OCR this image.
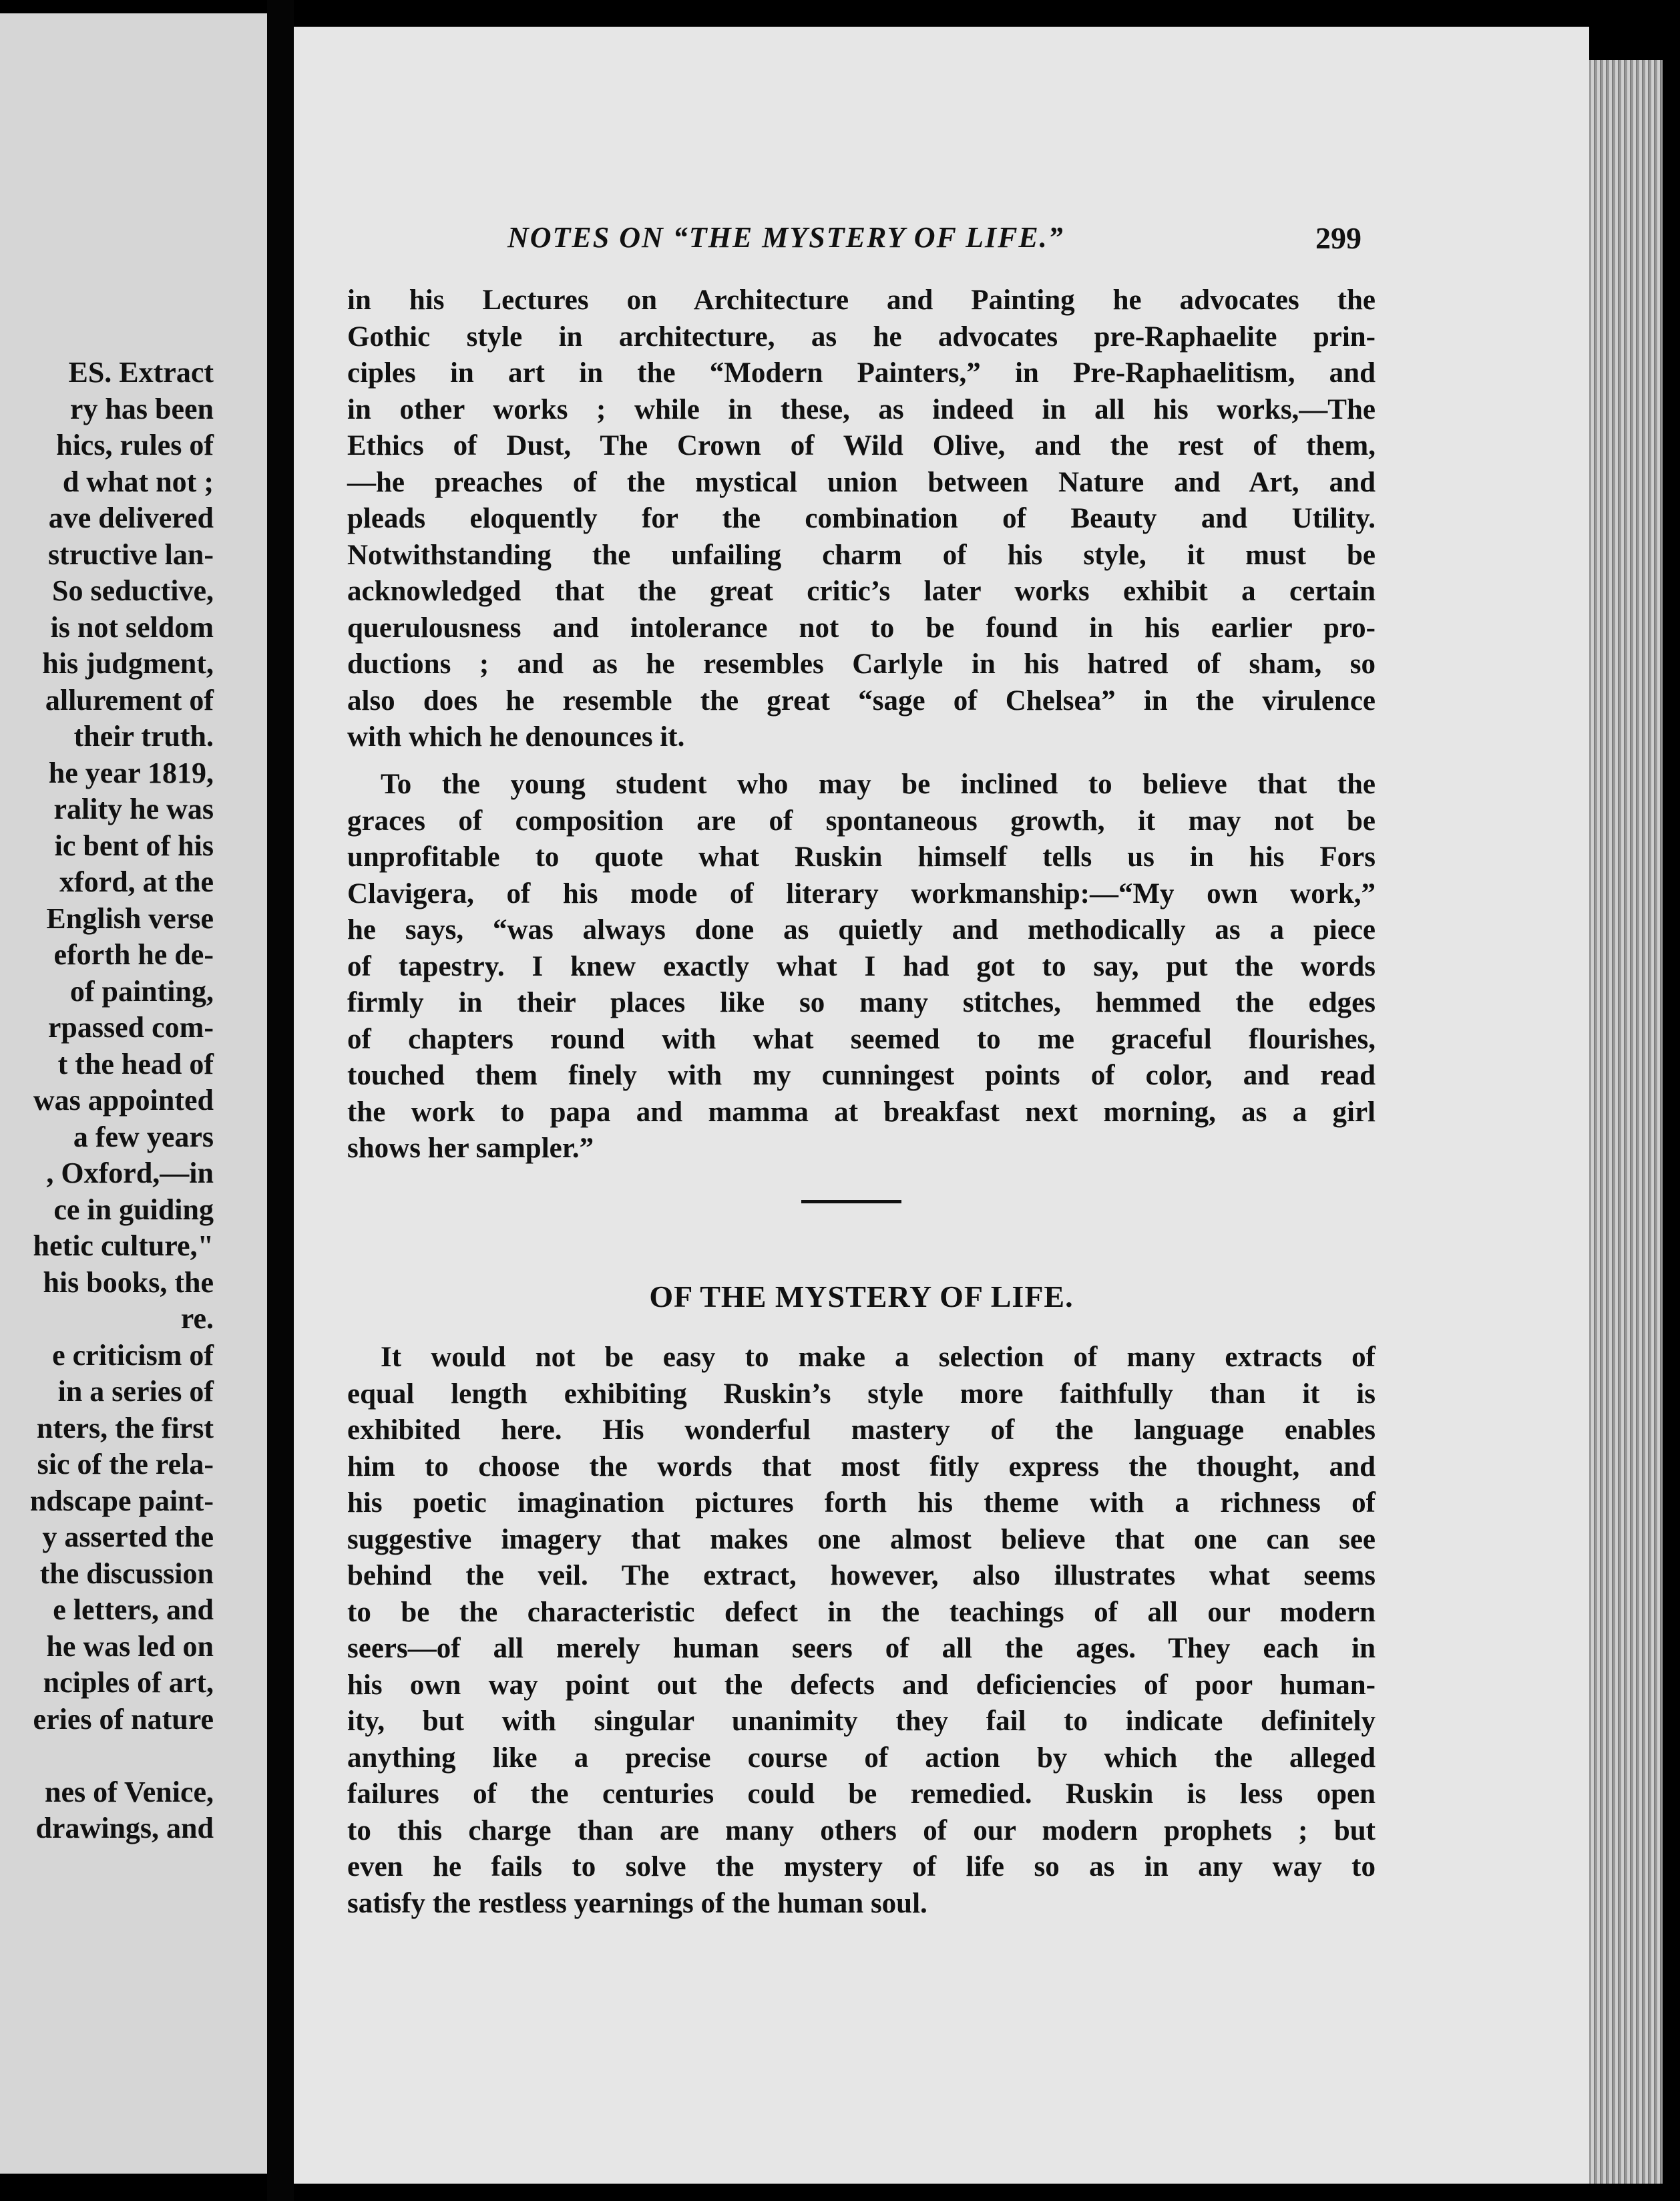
ES. Extract
ry has been
hics, rules of
d what not ;
ave delivered
structive lan-
So seductive,
is not seldom
his judgment,
allurement of
their truth.
he year 1819,
rality he was
ic bent of his
xford, at the
English verse
eforth he de-
of painting,
rpassed com-
t the head of
was appointed
a few years
, Oxford,—in
ce in guiding
hetic culture,"
his books, the
re.
e criticism of
in a series of
nters, the first
sic of the rela-
ndscape paint-
y asserted the
the discussion
e letters, and
he was led on
nciples of art,
eries of nature
nes of Venice,
drawings, and
NOTES ON “THE MYSTERY OF LIFE.”	299
in his Lectures on Architecture and Painting he advocates the
Gothic style in architecture, as he advocates pre-Raphaelite prin-
ciples in art in the “Modern Painters,” in Pre-Raphaelitism, and
in other works ; while in these, as indeed in all his works,—The
Ethics of Dust, The Crown of Wild Olive, and the rest of them,
—he preaches of the mystical union between Nature and Art, and
pleads eloquently for the combination of Beauty and Utility.
Notwithstanding the unfailing charm of his style, it must be
acknowledged that the great critic’s later works exhibit a certain
querulousness and intolerance not to be found in his earlier pro-
ductions ; and as he resembles Carlyle in his hatred of sham, so
also does he resemble the great “sage of Chelsea” in the virulence
with which he denounces it.
To the young student who may be inclined to believe that the
graces of composition are of spontaneous growth, it may not be
unprofitable to quote what Ruskin himself tells us in his Fors
Clavigera, of his mode of literary workmanship:—“My own work,”
he says, “was always done as quietly and methodically as a piece
of tapestry. I knew exactly what I had got to say, put the words
firmly in their places like so many stitches, hemmed the edges
of chapters round with what seemed to me graceful flourishes,
touched them finely with my cunningest points of color, and read
the work to papa and mamma at breakfast next morning, as a girl
shows her sampler.”
OF THE MYSTERY OF LIFE.
It would not be easy to make a selection of many extracts of
equal length exhibiting Ruskin’s style more faithfully than it is
exhibited here. His wonderful mastery of the language enables
him to choose the words that most fitly express the thought, and
his poetic imagination pictures forth his theme with a richness of
suggestive imagery that makes one almost believe that one can see
behind the veil. The extract, however, also illustrates what seems
to be the characteristic defect in the teachings of all our modern
seers—of all merely human seers of all the ages. They each in
his own way point out the defects and deficiencies of poor human-
ity, but with singular unanimity they fail to indicate definitely
anything like a precise course of action by which the alleged
failures of the centuries could be remedied. Ruskin is less open
to this charge than are many others of our modern prophets ; but
even he fails to solve the mystery of life so as in any way to
satisfy the restless yearnings of the human soul.
